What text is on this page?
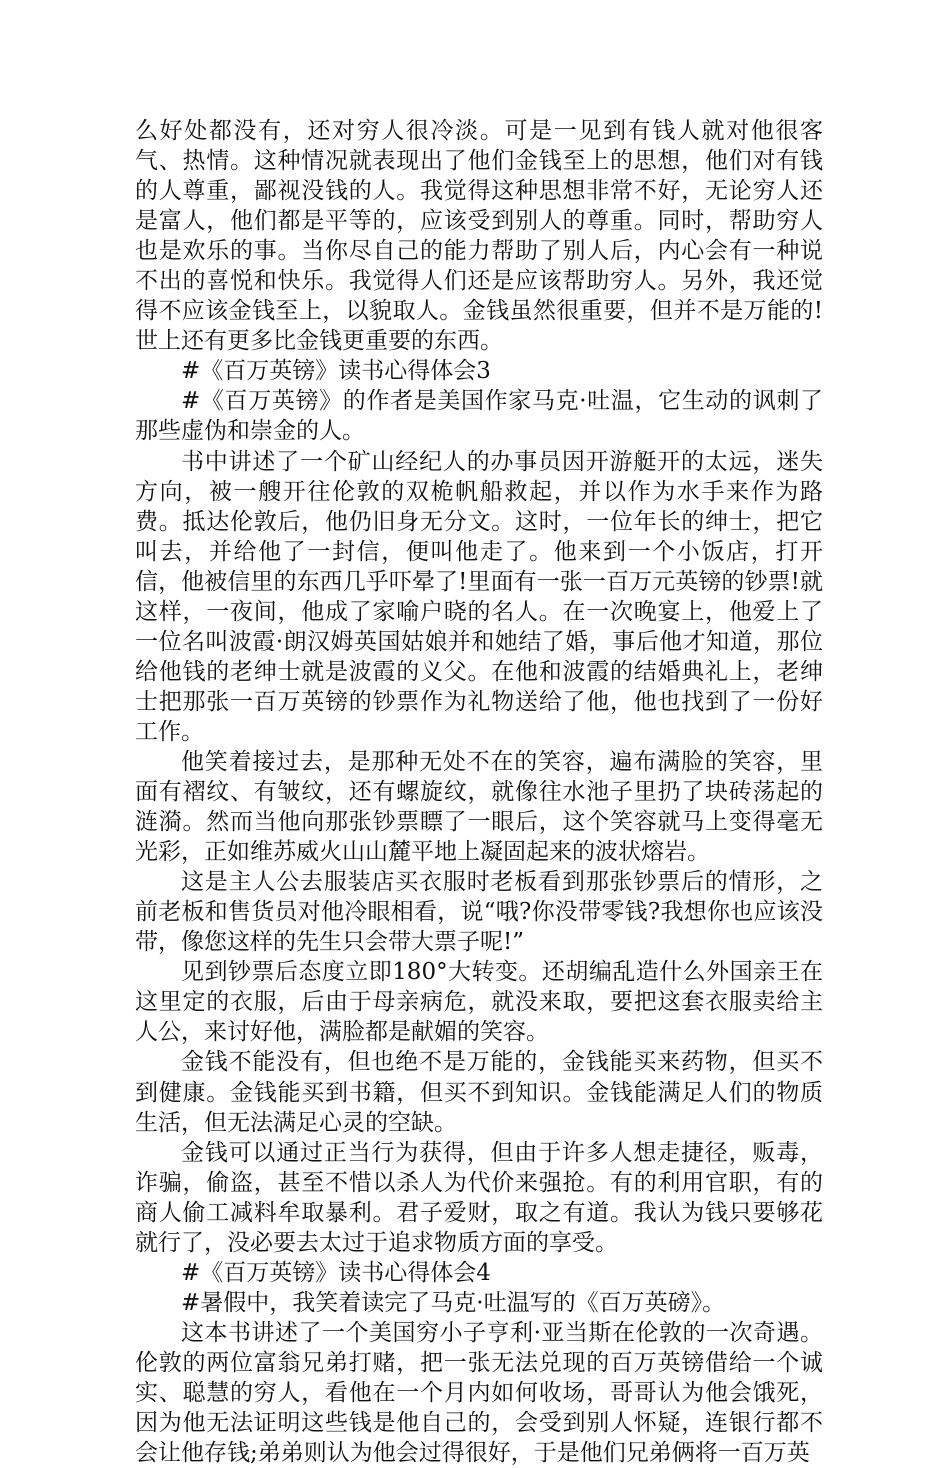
么好处都没有，还对穷人很冷淡。可是一见到有钱人就对他很客气、热情。这种情况就表现出了他们金钱至上的思想，他们对有钱的人尊重，鄙视没钱的人。我觉得这种思想非常不好，无论穷人还是富人，他们都是平等的，应该受到别人的尊重。同时，帮助穷人也是欢乐的事。当你尽自己的能力帮助了别人后，内心会有一种说不出的喜悦和快乐。我觉得人们还是应该帮助穷人。另外，我还觉得不应该金钱至上，以貌取人。金钱虽然很重要，但并不是万能的!世上还有更多比金钱更重要的东西。

#《百万英镑》读书心得体会3

#《百万英镑》的作者是美国作家马克·吐温，它生动的讽刺了那些虚伪和崇金的人。

书中讲述了一个矿山经纪人的办事员因开游艇开的太远，迷失方向，被一艘开往伦敦的双桅帆船救起，并以作为水手来作为路费。抵达伦敦后，他仍旧身无分文。这时，一位年长的绅士，把它叫去，并给他了一封信，便叫他走了。他来到一个小饭店，打开信，他被信里的东西几乎吓晕了!里面有一张一百万元英镑的钞票!就这样，一夜间，他成了家喻户晓的名人。在一次晚宴上，他爱上了一位名叫波霞·朗汉姆英国姑娘并和她结了婚，事后他才知道，那位给他钱的老绅士就是波霞的义父。在他和波霞的结婚典礼上，老绅士把那张一百万英镑的钞票作为礼物送给了他，他也找到了一份好工作。

他笑着接过去，是那种无处不在的笑容，遍布满脸的笑容，里面有褶纹、有皱纹，还有螺旋纹，就像往水池子里扔了块砖荡起的涟漪。然而当他向那张钞票瞟了一眼后，这个笑容就马上变得毫无光彩，正如维苏威火山山麓平地上凝固起来的波状熔岩。

这是主人公去服装店买衣服时老板看到那张钞票后的情形，之前老板和售货员对他冷眼相看，说“哦?你没带零钱?我想你也应该没带，像您这样的先生只会带大票子呢!”

见到钞票后态度立即180°大转变。还胡编乱造什么外国亲王在这里定的衣服，后由于母亲病危，就没来取，要把这套衣服卖给主人公，来讨好他，满脸都是献媚的笑容。

金钱不能没有，但也绝不是万能的，金钱能买来药物，但买不到健康。金钱能买到书籍，但买不到知识。金钱能满足人们的物质生活，但无法满足心灵的空缺。

金钱可以通过正当行为获得，但由于许多人想走捷径，贩毒，诈骗，偷盗，甚至不惜以杀人为代价来强抢。有的利用官职，有的商人偷工减料牟取暴利。君子爱财，取之有道。我认为钱只要够花就行了，没必要去太过于追求物质方面的享受。

#《百万英镑》读书心得体会4

#暑假中，我笑着读完了马克·吐温写的《百万英磅》。

这本书讲述了一个美国穷小子亨利·亚当斯在伦敦的一次奇遇。伦敦的两位富翁兄弟打赌，把一张无法兑现的百万英镑借给一个诚实、聪慧的穷人，看他在一个月内如何收场，哥哥认为他会饿死，因为他无法证明这些钱是他自己的，会受到别人怀疑，连银行都不会让他存钱;弟弟则认为他会过得很好，于是他们兄弟俩将一百万英
